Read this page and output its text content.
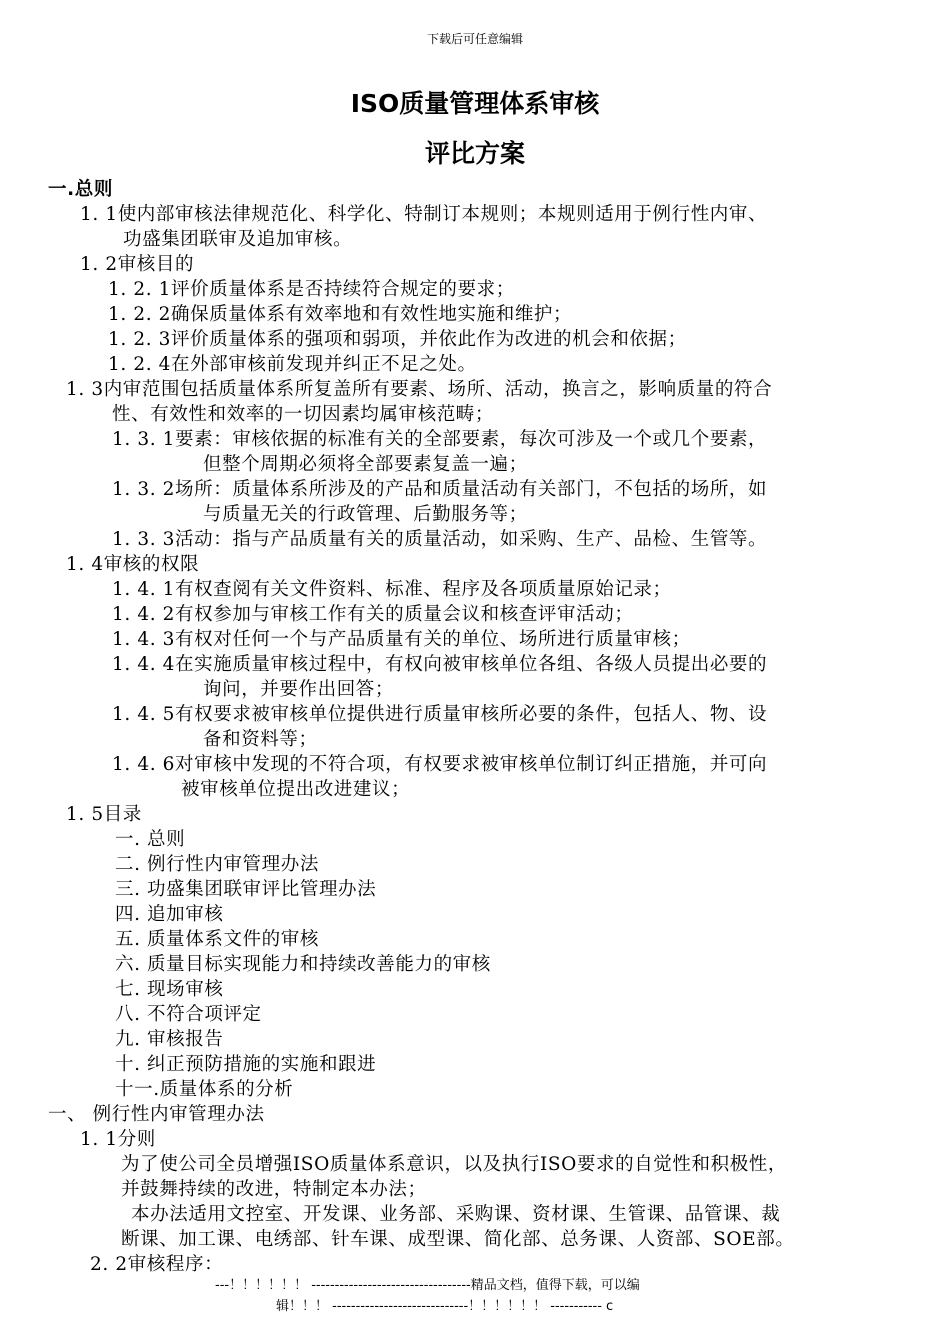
下载后可任意编辑
ISO质量管理体系审核
评比方案
一.总则
1. 1使内部审核法律规范化、科学化、特制订本规则；本规则适用于例行性内审、
功盛集团联审及追加审核。
1. 2审核目的
1. 2. 1评价质量体系是否持续符合规定的要求；
1. 2. 2确保质量体系有效率地和有效性地实施和维护；
1. 2. 3评价质量体系的强项和弱项，并依此作为改进的机会和依据；
1. 2. 4在外部审核前发现并纠正不足之处。
1. 3内审范围包括质量体系所复盖所有要素、场所、活动，换言之，影响质量的符合
性、有效性和效率的一切因素均属审核范畴；
1. 3. 1要素：审核依据的标准有关的全部要素，每次可涉及一个或几个要素，
但整个周期必须将全部要素复盖一遍；
1. 3. 2场所：质量体系所涉及的产品和质量活动有关部门，不包括的场所，如
与质量无关的行政管理、后勤服务等；
1. 3. 3活动：指与产品质量有关的质量活动，如采购、生产、品检、生管等。
1. 4审核的权限
1. 4. 1有权查阅有关文件资料、标准、程序及各项质量原始记录；
1. 4. 2有权参加与审核工作有关的质量会议和核查评审活动；
1. 4. 3有权对任何一个与产品质量有关的单位、场所进行质量审核；
1. 4. 4在实施质量审核过程中，有权向被审核单位各组、各级人员提出必要的
询问，并要作出回答；
1. 4. 5有权要求被审核单位提供进行质量审核所必要的条件，包括人、物、设
备和资料等；
1. 4. 6对审核中发现的不符合项，有权要求被审核单位制订纠正措施，并可向
被审核单位提出改进建议；
1. 5目录
一. 总则
二. 例行性内审管理办法
三. 功盛集团联审评比管理办法
四. 追加审核
五. 质量体系文件的审核
六. 质量目标实现能力和持续改善能力的审核
七. 现场审核
八. 不符合项评定
九. 审核报告
十. 纠正预防措施的实施和跟进
十一.质量体系的分析
一、 例行性内审管理办法
1. 1分则
为了使公司全员增强ISO质量体系意识，以及执行ISO要求的自觉性和积极性，
并鼓舞持续的改进，特制定本办法；
本办法适用文控室、开发课、业务部、采购课、资材课、生管课、品管课、裁
断课、加工课、电绣部、针车课、成型课、简化部、总务课、人资部、SOE部。
2. 2审核程序：
---！！！！！！ ----------------------------------精品文档，值得下载，可以编
辑！！！ -----------------------------！！！！！！ ----------- c
